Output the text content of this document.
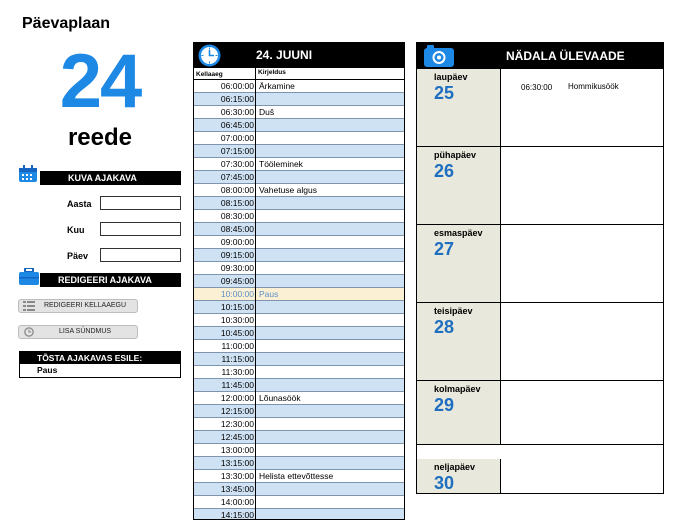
Päevaplaan
24
reede
KUVA AJAKAVA
Aasta
Kuu
Päev
REDIGEERI AJAKAVA
REDIGEERI KELLAAEGU
LISA SÜNDMUS
TÕSTA AJAKAVAS ESILE:
Paus
24. JUUNI
Kellaaeg	Kirjeldus
06:00:00 Ärkamine
06:15:00
06:30:00 Duš
06:45:00
07:00:00
07:15:00
07:30:00 Tööleminek
07:45:00
08:00:00 Vahetuse algus
08:15:00
08:30:00
08:45:00
09:00:00
09:15:00
09:30:00
09:45:00
10:00:00 Paus
10:15:00
10:30:00
10:45:00
11:00:00
11:15:00
11:30:00
11:45:00
12:00:00 Lõunasöök
12:15:00
12:30:00
12:45:00
13:00:00
13:15:00
13:30:00 Helista ettevõttesse
13:45:00
14:00:00
14:15:00
NÄDALA ÜLEVAADE
laupäev
25	06:30:00 Hommikusöök
pühapäev
26
esmaspäev
27
teisipäev
28
kolmapäev
29
neljapäev
30
